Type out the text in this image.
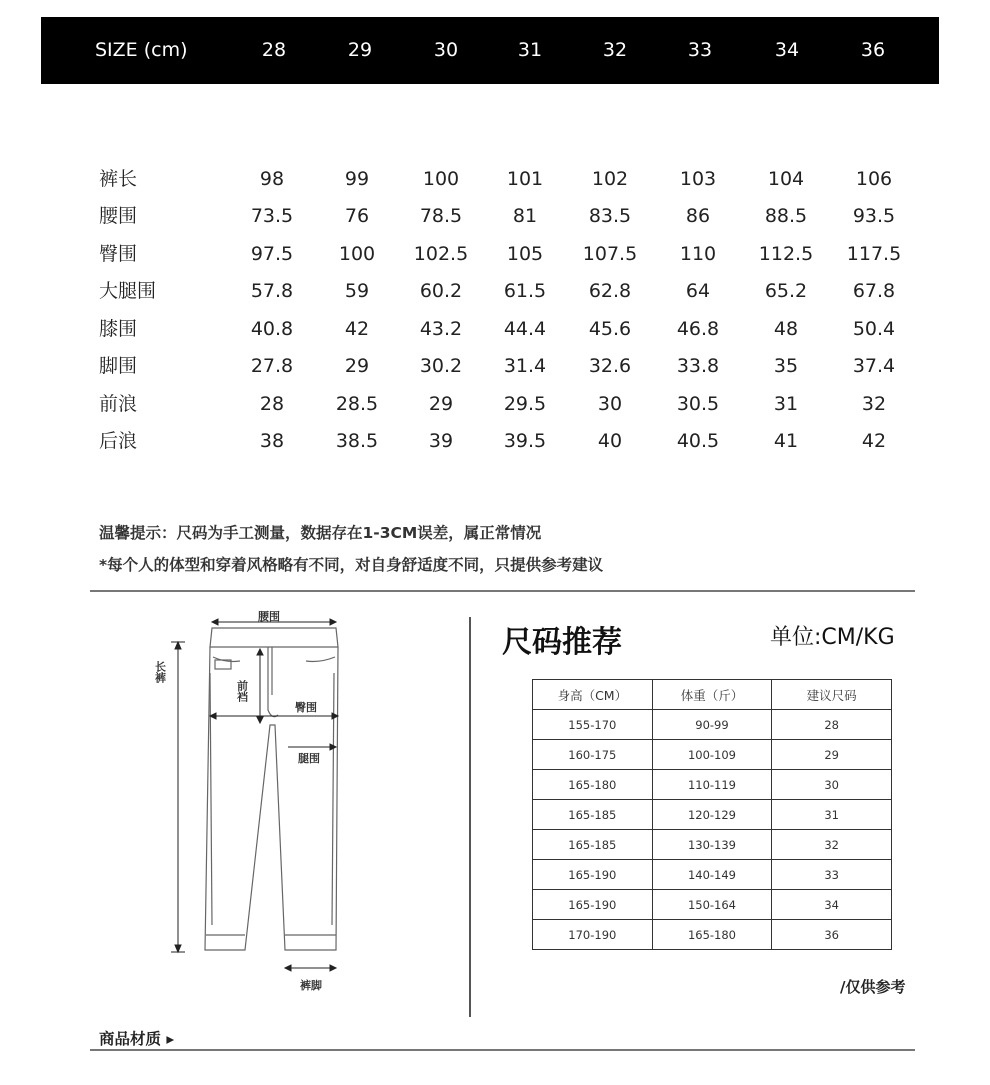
SIZE (cm)	28	29	30	31	32	33	34	36
裤长	98	99	100	101	102	103	104	106
腰围	73.5	76	78.5	81	83.5	86	88.5 93.5
臀围	97.5 100 102.5 105 107.5 110 112.5 117.5
大腿围	57.8	59	60.2 61.5 62.8	64	65.2 67.8
膝围	40.8	42	43.2 44.4 45.6 46.8	48	50.4
脚围	27.8	29	30.2 31.4 32.6 33.8	35	37.4
前浪	28	28.5	29	29.5	30	30.5	31	32
后浪	38	38.5	39	39.5	40	40.5	41	42
温馨提示：尺码为手工测量，数据存在1-3CM误差，属正常情况
*每个人的体型和穿着风格略有不同，对自身舒适度不同，只提供参考建议
腰围
长裤
前裆
臀围
腿围
裤脚
尺码推荐	单位:CM/KG
身高（CM）	体重（斤）	建议尺码
155-170	90-99	28
160-175	100-109	29
165-180	110-119	30
165-185	120-129	31
165-185	130-139	32
165-190	140-149	33
165-190	150-164	34
170-190	165-180	36
/仅供参考
商品材质 ▸
